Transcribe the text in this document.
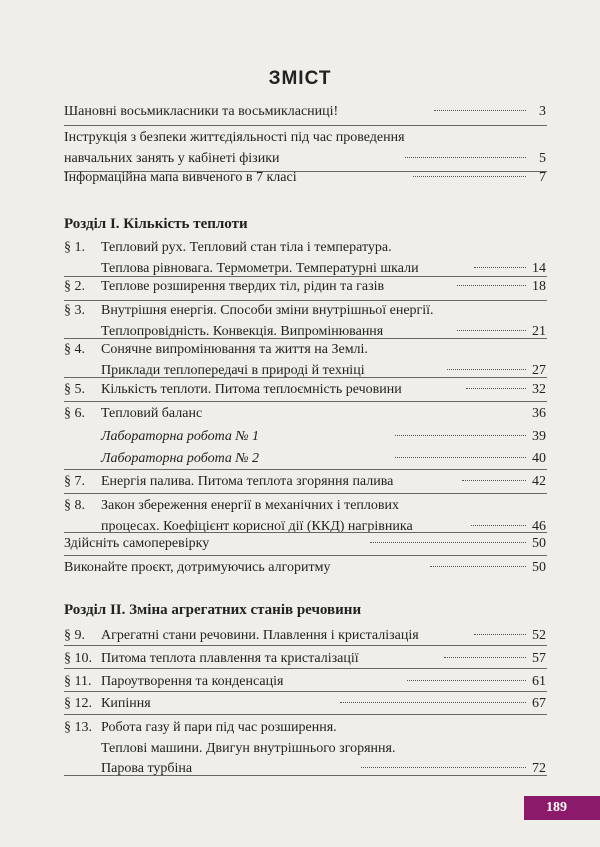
ЗМІСТ
Шановні восьмикласники та восьмикласниці!	3
Інструкція з безпеки життєдіяльності під час проведення
навчальних занять у кабінеті фізики	5
Інформаційна мапа вивченого в 7 класі	7
Розділ I. Кількість теплоти
§ 1.	Тепловий рух. Тепловий стан тіла і температура.
Теплова рівновага. Термометри. Температурні шкали	14
§ 2.	Теплове розширення твердих тіл, рідин та газів	18
§ 3.	Внутрішня енергія. Способи зміни внутрішньої енергії.
Теплопровідність. Конвекція. Випромінювання	21
§ 4.	Сонячне випромінювання та життя на Землі.
Приклади теплопередачі в природі й техніці	27
§ 5.	Кількість теплоти. Питома теплоємність речовини	32
§ 6.	Тепловий баланс	36
Лабораторна робота № 1	39
Лабораторна робота № 2	40
§ 7.	Енергія палива. Питома теплота згоряння палива	42
§ 8.	Закон збереження енергії в механічних і теплових
процесах. Коефіцієнт корисної дії (ККД) нагрівника	46
Здійсніть самоперевірку	50
Виконайте проєкт, дотримуючись алгоритму	50
Розділ II. Зміна агрегатних станів речовини
§ 9.	Агрегатні стани речовини. Плавлення і кристалізація	52
§ 10. Питома теплота плавлення та кристалізації	57
§ 11. Пароутворення та конденсація	61
§ 12. Кипіння	67
§ 13. Робота газу й пари під час розширення.
Теплові машини. Двигун внутрішнього згоряння.
Парова турбіна	72
189
